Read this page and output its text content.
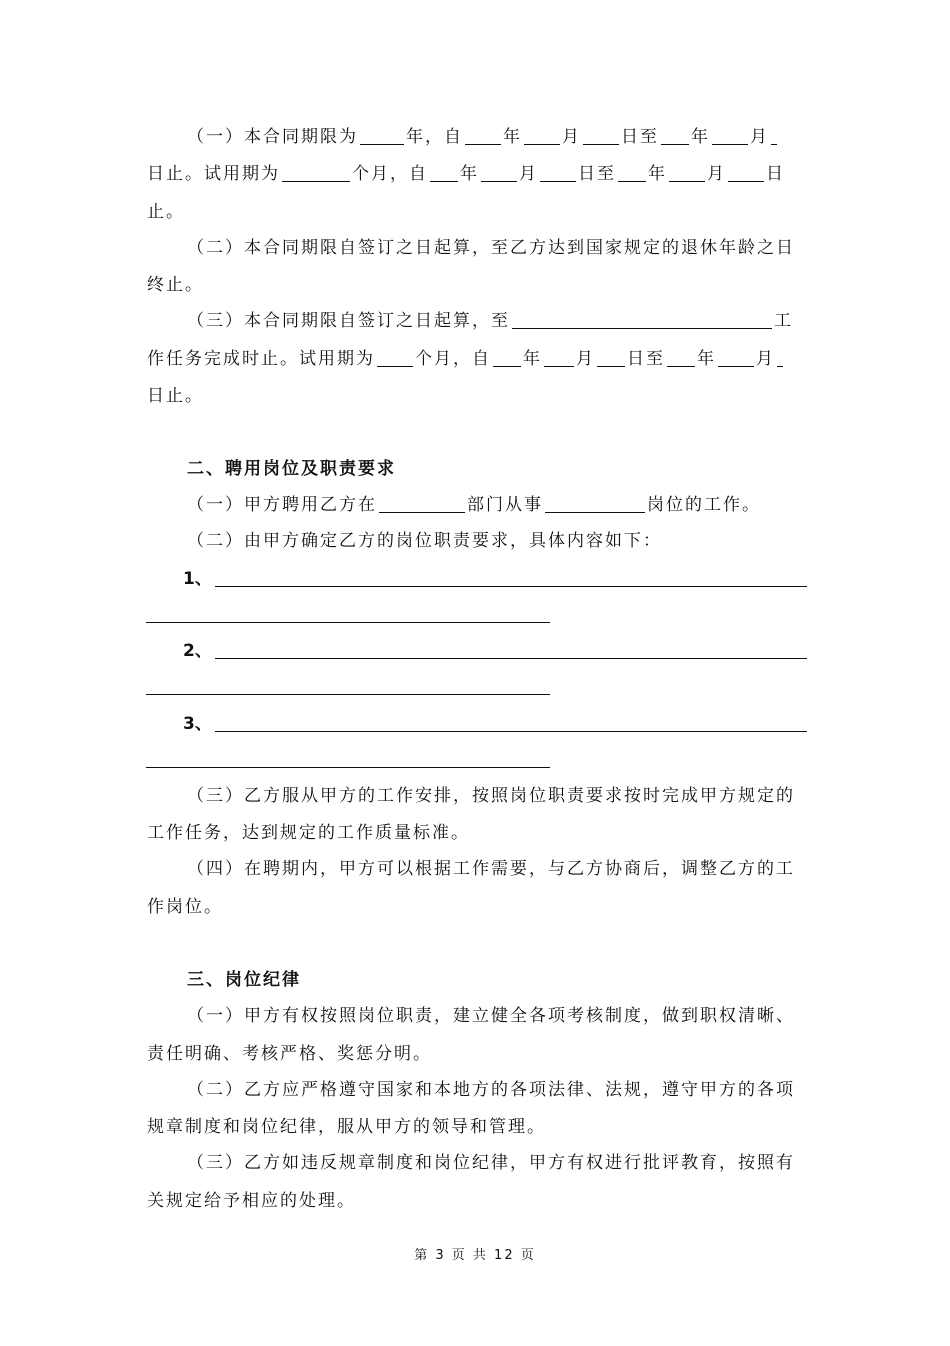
（一）本合同期限为	年，自 年 月 日至 年 月
日止。试用期为	个月，自 年 月 日至 年 月 日
止。
（二）本合同期限自签订之日起算，至乙方达到国家规定的退休年龄之日
终止。
（三）本合同期限自签订之日起算，至	工
作任务完成时止。试用期为 个月，自 年 月 日至 年 月
日止。
二、聘用岗位及职责要求
（一）甲方聘用乙方在	部门从事	岗位的工作。
（二）由甲方确定乙方的岗位职责要求，具体内容如下：
1、
2、
3、
（三）乙方服从甲方的工作安排，按照岗位职责要求按时完成甲方规定的
工作任务，达到规定的工作质量标准。
（四）在聘期内，甲方可以根据工作需要，与乙方协商后，调整乙方的工
作岗位。
三、岗位纪律
（一）甲方有权按照岗位职责，建立健全各项考核制度，做到职权清晰、
责任明确、考核严格、奖惩分明。
（二）乙方应严格遵守国家和本地方的各项法律、法规，遵守甲方的各项
规章制度和岗位纪律，服从甲方的领导和管理。
（三）乙方如违反规章制度和岗位纪律，甲方有权进行批评教育，按照有
关规定给予相应的处理。
第 3 页 共 12 页
